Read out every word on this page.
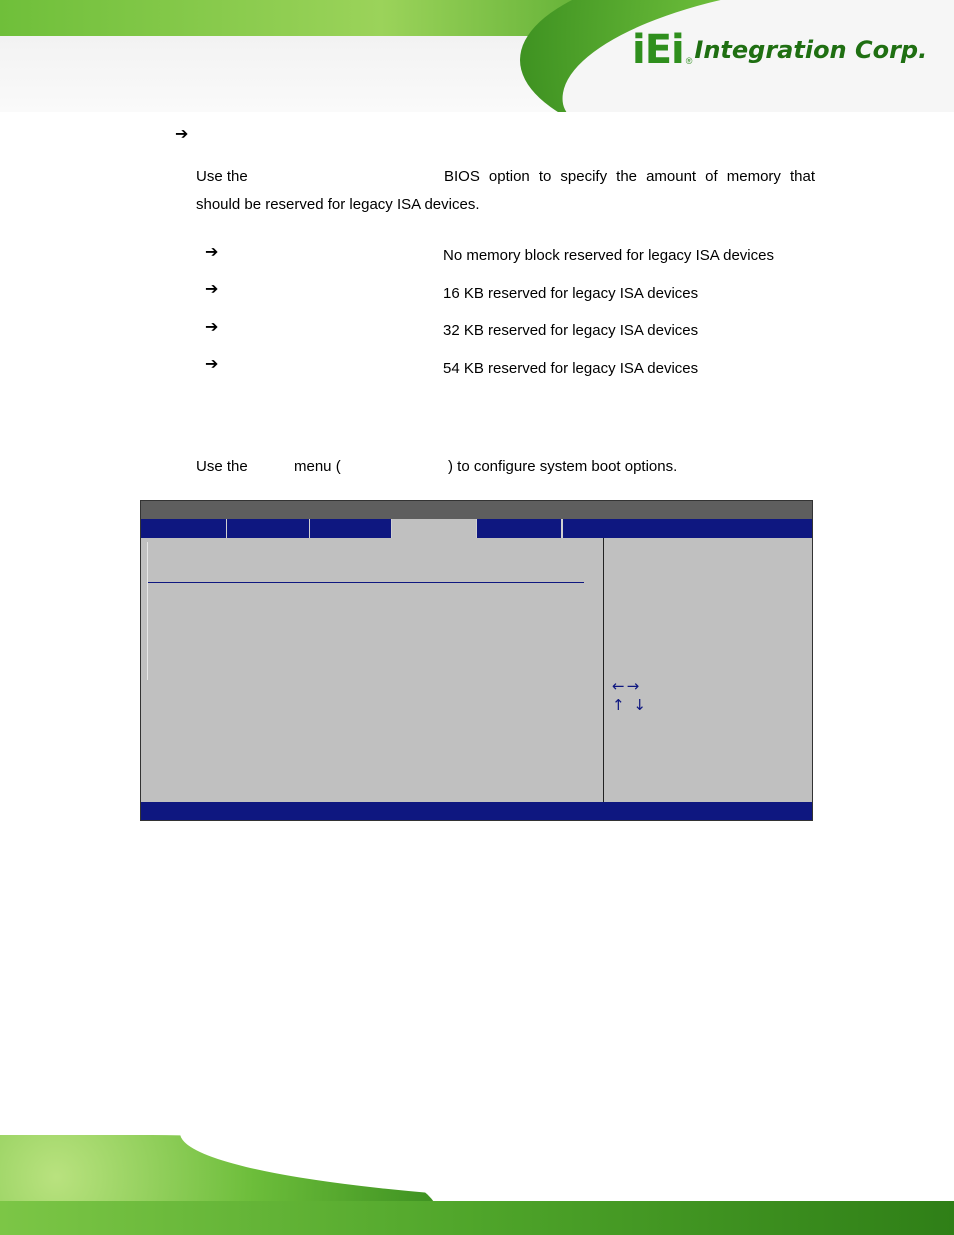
iEi ® Integration Corp.
➔
Use the	BIOS option to specify the amount of memory that
should be reserved for legacy ISA devices.
➔	No memory block reserved for legacy ISA devices
➔	16 KB reserved for legacy ISA devices
➔	32 KB reserved for legacy ISA devices
➔	54 KB reserved for legacy ISA devices
Use the	menu (	) to configure system boot options.
←→
↑ ↓
